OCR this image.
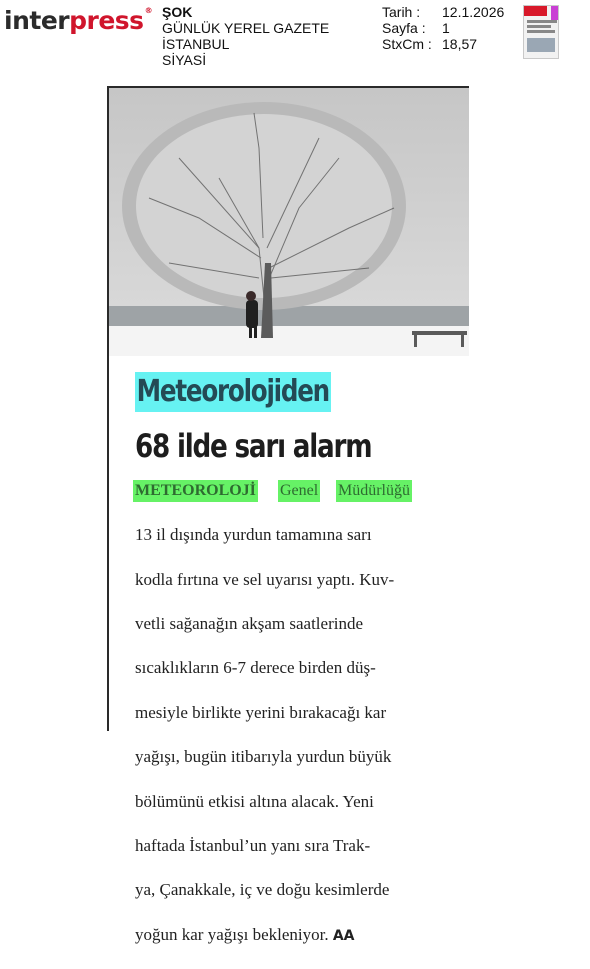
interpress® ŞOK
GÜNLÜK YEREL GAZETE
İSTANBUL
SİYASİ
Tarih :	12.1.2026
Sayfa :	1
StxCm : 18,57
Meteorolojiden
68 ilde sarı alarm
METEOROLOJİ Genel Müdürlüğü

13 il dışında yurdun tamamına sarı

kodla fırtına ve sel uyarısı yaptı. Kuv-

vetli sağanağın akşam saatlerinde

sıcaklıkların 6-7 derece birden düş-

mesiyle birlikte yerini bırakacağı kar

yağışı, bugün itibarıyla yurdun büyük

bölümünü etkisi altına alacak. Yeni

haftada İstanbul’un yanı sıra Trak-

ya, Çanakkale, iç ve doğu kesimlerde

yoğun kar yağışı bekleniyor. AA
